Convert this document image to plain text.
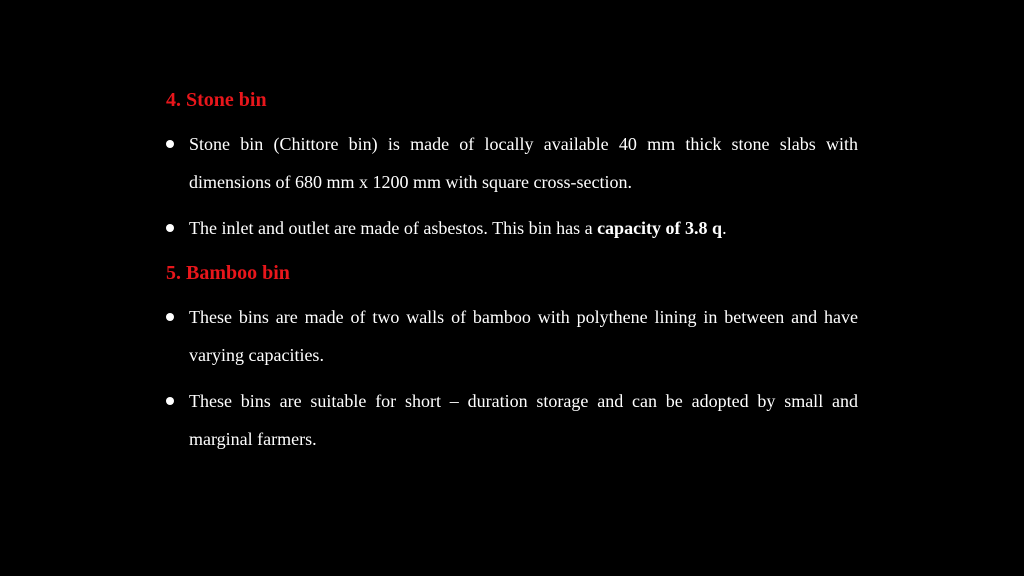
4. Stone bin
Stone bin (Chittore bin) is made of locally available 40 mm thick stone slabs with dimensions of 680 mm x 1200 mm with square cross-section.
The inlet and outlet are made of asbestos. This bin has a capacity of 3.8 q.
5. Bamboo bin
These bins are made of two walls of bamboo with polythene lining in between and have varying capacities.
These bins are suitable for short – duration storage and can be adopted by small and marginal farmers.
